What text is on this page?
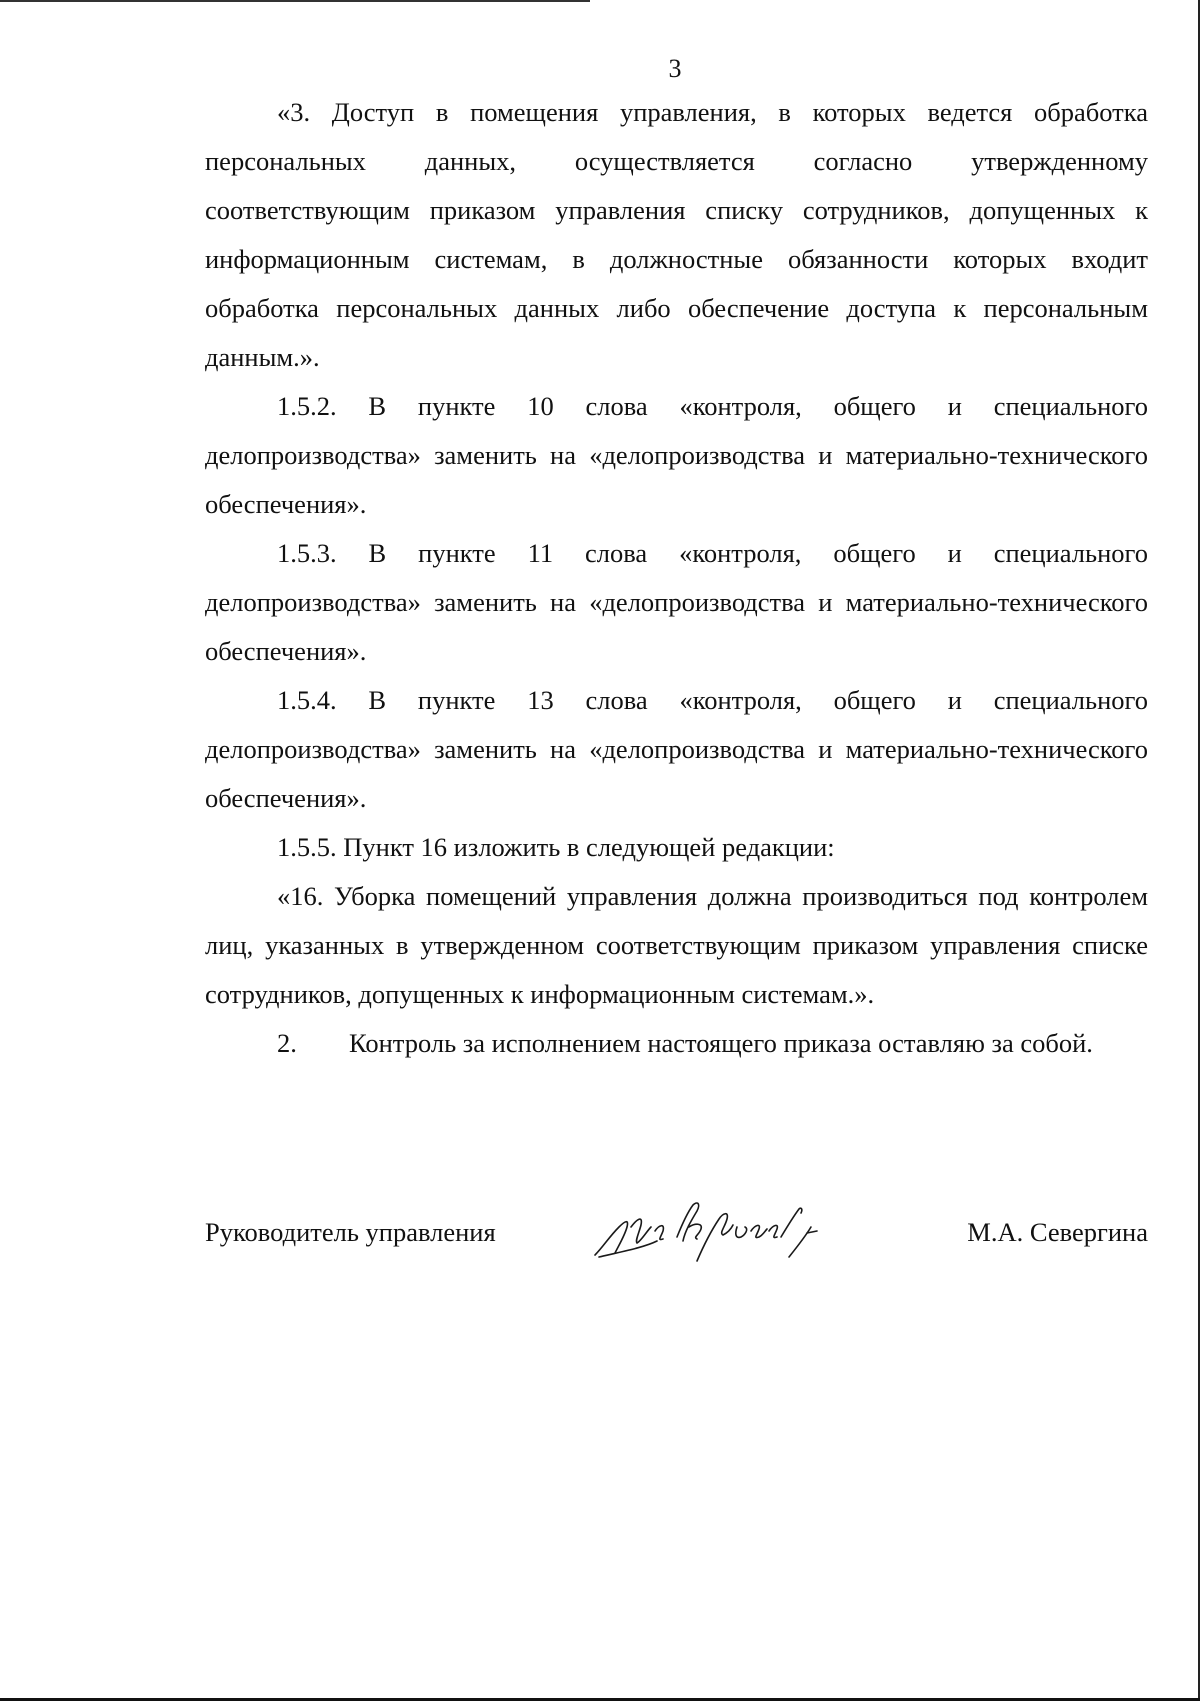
3

«3. Доступ в помещения управления, в которых ведется обработка персональных данных, осуществляется согласно утвержденному соответствующим приказом управления списку сотрудников, допущенных к информационным системам, в должностные обязанности которых входит обработка персональных данных либо обеспечение доступа к персональным данным.».

1.5.2. В пункте 10 слова «контроля, общего и специального делопроизводства» заменить на «делопроизводства и материально-технического обеспечения».

1.5.3. В пункте 11 слова «контроля, общего и специального делопроизводства» заменить на «делопроизводства и материально-технического обеспечения».

1.5.4. В пункте 13 слова «контроля, общего и специального делопроизводства» заменить на «делопроизводства и материально-технического обеспечения».

1.5.5. Пункт 16 изложить в следующей редакции:

«16. Уборка помещений управления должна производиться под контролем лиц, указанных в утвержденном соответствующим приказом управления списке сотрудников, допущенных к информационным системам.».

2. Контроль за исполнением настоящего приказа оставляю за собой.

Руководитель управления	М.А. Севергина
